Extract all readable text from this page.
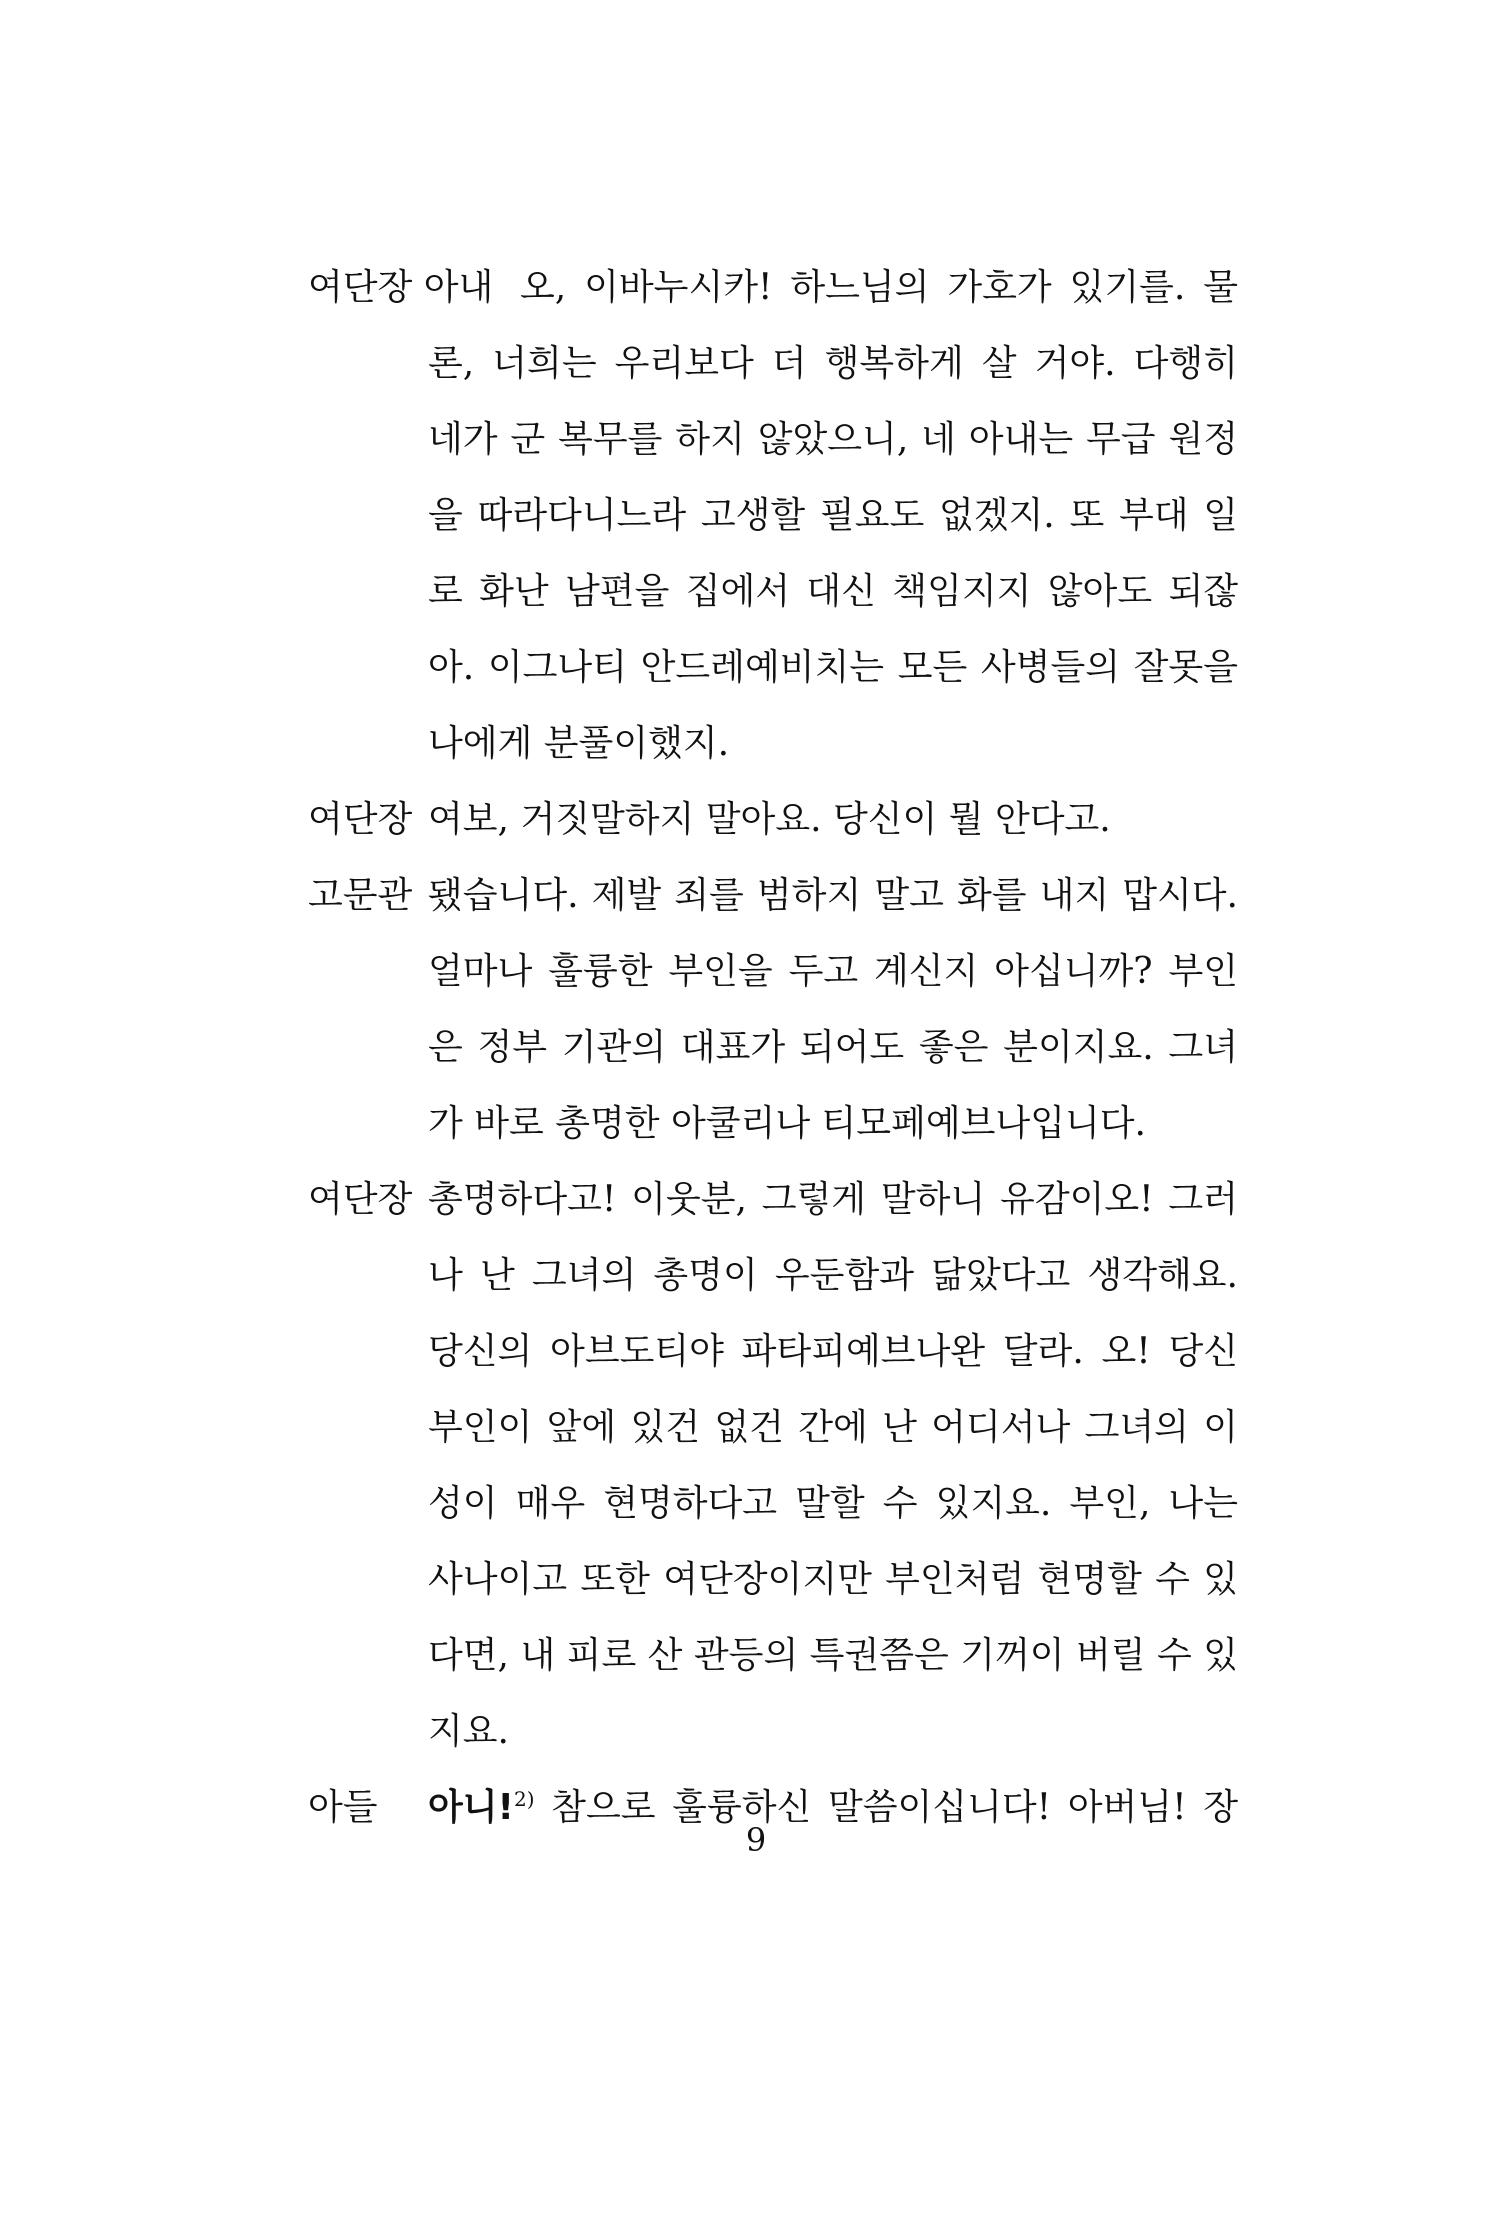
여단장 아내 오, 이바누시카! 하느님의 가호가 있기를. 물
론, 너희는 우리보다 더 행복하게 살 거야. 다행히
네가 군 복무를 하지 않았으니, 네 아내는 무급 원정
을 따라다니느라 고생할 필요도 없겠지. 또 부대 일
로 화난 남편을 집에서 대신 책임지지 않아도 되잖
아. 이그나티 안드레예비치는 모든 사병들의 잘못을
나에게 분풀이했지.
여단장 여보, 거짓말하지 말아요. 당신이 뭘 안다고.
고문관 됐습니다. 제발 죄를 범하지 말고 화를 내지 맙시다.
얼마나 훌륭한 부인을 두고 계신지 아십니까? 부인
은 정부 기관의 대표가 되어도 좋은 분이지요. 그녀
가 바로 총명한 아쿨리나 티모페예브나입니다.
여단장 총명하다고! 이웃분, 그렇게 말하니 유감이오! 그러
나 난 그녀의 총명이 우둔함과 닮았다고 생각해요.
당신의 아브도티야 파타피예브나완 달라. 오! 당신
부인이 앞에 있건 없건 간에 난 어디서나 그녀의 이
성이 매우 현명하다고 말할 수 있지요. 부인, 나는
사나이고 또한 여단장이지만 부인처럼 현명할 수 있
다면, 내 피로 산 관등의 특권쯤은 기꺼이 버릴 수 있
지요.
아들 아니!$^{2)}$ 참으로 훌륭하신 말씀이십니다! 아버님! 장
9
